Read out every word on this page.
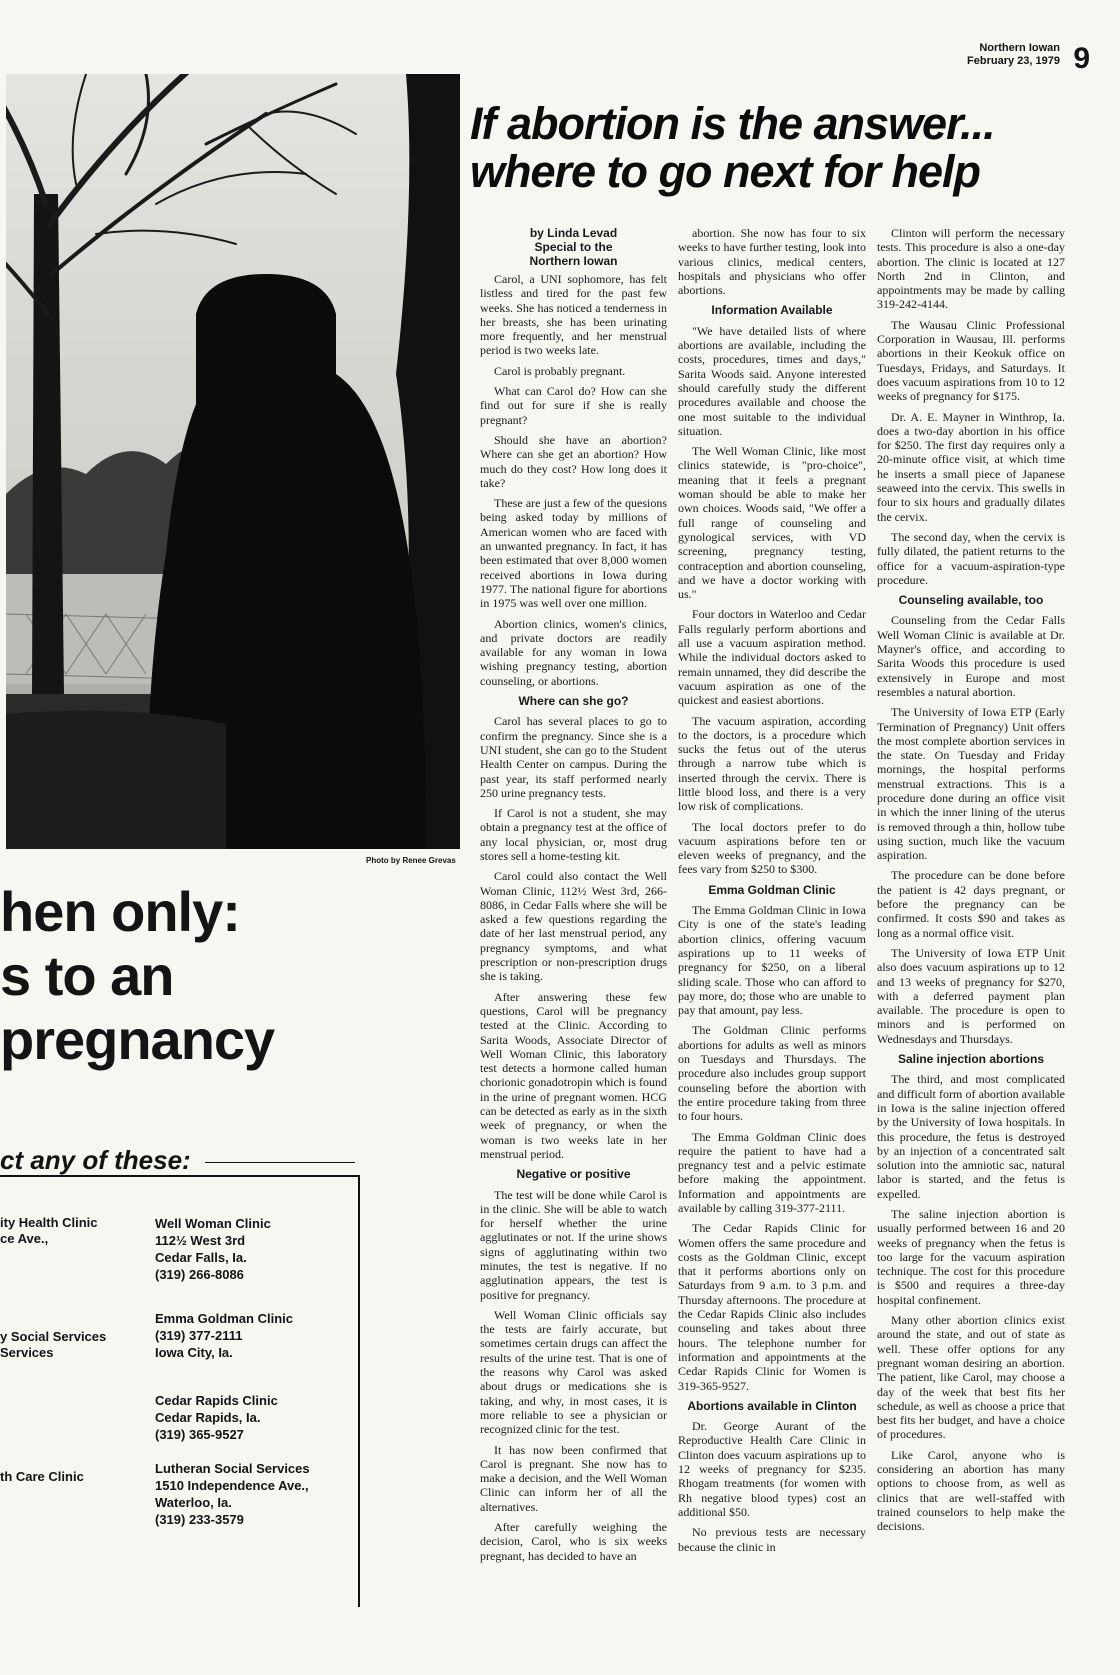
Northern Iowan
February 23, 1979 9
If abortion is the answer...
where to go next for help
Photo by Renee Grevas
hen only:
s to an
pregnancy
ct any of these:
ity Health Clinic
ce Ave.,
y Social Services
Services
th Care Clinic
Well Woman Clinic
112½ West 3rd
Cedar Falls, Ia.
(319) 266-8086
Emma Goldman Clinic
(319) 377-2111
Iowa City, Ia.
Cedar Rapids Clinic
Cedar Rapids, Ia.
(319) 365-9527
Lutheran Social Services
1510 Independence Ave.,
Waterloo, Ia.
(319) 233-3579
by Linda Levad
Special to the
Northern Iowan

Carol, a UNI sophomore, has felt listless and tired for the past few weeks. She has noticed a tenderness in her breasts, she has been urinating more frequently, and her menstrual period is two weeks late.

Carol is probably pregnant.

What can Carol do? How can she find out for sure if she is really pregnant?

Should she have an abortion? Where can she get an abortion? How much do they cost? How long does it take?

These are just a few of the quesions being asked today by millions of American women who are faced with an unwanted pregnancy. In fact, it has been estimated that over 8,000 women received abortions in Iowa during 1977. The national figure for abortions in 1975 was well over one million.

Abortion clinics, women's clinics, and private doctors are readily available for any woman in Iowa wishing pregnancy testing, abortion counseling, or abortions.

Where can she go?

Carol has several places to go to confirm the pregnancy. Since she is a UNI student, she can go to the Student Health Center on campus. During the past year, its staff performed nearly 250 urine pregnancy tests.

If Carol is not a student, she may obtain a pregnancy test at the office of any local physician, or, most drug stores sell a home-testing kit.

Carol could also contact the Well Woman Clinic, 112½ West 3rd, 266-8086, in Cedar Falls where she will be asked a few questions regarding the date of her last menstrual period, any pregnancy symptoms, and what prescription or non-prescription drugs she is taking.

After answering these few questions, Carol will be pregnancy tested at the Clinic. According to Sarita Woods, Associate Director of Well Woman Clinic, this laboratory test detects a hormone called human chorionic gonadotropin which is found in the urine of pregnant women. HCG can be detected as early as in the sixth week of pregnancy, or when the woman is two weeks late in her menstrual period.

Negative or positive

The test will be done while Carol is in the clinic. She will be able to watch for herself whether the urine agglutinates or not. If the urine shows signs of agglutinating within two minutes, the test is negative. If no agglutination appears, the test is positive for pregnancy.

Well Woman Clinic officials say the tests are fairly accurate, but sometimes certain drugs can affect the results of the urine test. That is one of the reasons why Carol was asked about drugs or medications she is taking, and why, in most cases, it is more reliable to see a physician or recognized clinic for the test.

It has now been confirmed that Carol is pregnant. She now has to make a decision, and the Well Woman Clinic can inform her of all the alternatives.

After carefully weighing the decision, Carol, who is six weeks pregnant, has decided to have an

abortion. She now has four to six weeks to have further testing, look into various clinics, medical centers, hospitals and physicians who offer abortions.

Information Available

"We have detailed lists of where abortions are available, including the costs, procedures, times and days," Sarita Woods said. Anyone interested should carefully study the different procedures available and choose the one most suitable to the individual situation.

The Well Woman Clinic, like most clinics statewide, is "pro-choice", meaning that it feels a pregnant woman should be able to make her own choices. Woods said, "We offer a full range of counseling and gynological services, with VD screening, pregnancy testing, contraception and abortion counseling, and we have a doctor working with us."

Four doctors in Waterloo and Cedar Falls regularly perform abortions and all use a vacuum aspiration method. While the individual doctors asked to remain unnamed, they did describe the vacuum aspiration as one of the quickest and easiest abortions.

The vacuum aspiration, according to the doctors, is a procedure which sucks the fetus out of the uterus through a narrow tube which is inserted through the cervix. There is little blood loss, and there is a very low risk of complications.

The local doctors prefer to do vacuum aspirations before ten or eleven weeks of pregnancy, and the fees vary from $250 to $300.

Emma Goldman Clinic

The Emma Goldman Clinic in Iowa City is one of the state's leading abortion clinics, offering vacuum aspirations up to 11 weeks of pregnancy for $250, on a liberal sliding scale. Those who can afford to pay more, do; those who are unable to pay that amount, pay less.

The Goldman Clinic performs abortions for adults as well as minors on Tuesdays and Thursdays. The procedure also includes group support counseling before the abortion with the entire procedure taking from three to four hours.

The Emma Goldman Clinic does require the patient to have had a pregnancy test and a pelvic estimate before making the appointment. Information and appointments are available by calling 319-377-2111.

The Cedar Rapids Clinic for Women offers the same procedure and costs as the Goldman Clinic, except that it performs abortions only on Saturdays from 9 a.m. to 3 p.m. and Thursday afternoons. The procedure at the Cedar Rapids Clinic also includes counseling and takes about three hours. The telephone number for information and appointments at the Cedar Rapids Clinic for Women is 319-365-9527.

Abortions available in Clinton

Dr. George Aurant of the Reproductive Health Care Clinic in Clinton does vacuum aspirations up to 12 weeks of pregnancy for $235. Rhogam treatments (for women with Rh negative blood types) cost an additional $50.

No previous tests are necessary because the clinic in

Clinton will perform the necessary tests. This procedure is also a one-day abortion. The clinic is located at 127 North 2nd in Clinton, and appointments may be made by calling 319-242-4144.

The Wausau Clinic Professional Corporation in Wausau, Ill. performs abortions in their Keokuk office on Tuesdays, Fridays, and Saturdays. It does vacuum aspirations from 10 to 12 weeks of pregnancy for $175.

Dr. A. E. Mayner in Winthrop, Ia. does a two-day abortion in his office for $250. The first day requires only a 20-minute office visit, at which time he inserts a small piece of Japanese seaweed into the cervix. This swells in four to six hours and gradually dilates the cervix.

The second day, when the cervix is fully dilated, the patient returns to the office for a vacuum-aspiration-type procedure.

Counseling available, too

Counseling from the Cedar Falls Well Woman Clinic is available at Dr. Mayner's office, and according to Sarita Woods this procedure is used extensively in Europe and most resembles a natural abortion.

The University of Iowa ETP (Early Termination of Pregnancy) Unit offers the most complete abortion services in the state. On Tuesday and Friday mornings, the hospital performs menstrual extractions. This is a procedure done during an office visit in which the inner lining of the uterus is removed through a thin, hollow tube using suction, much like the vacuum aspiration.

The procedure can be done before the patient is 42 days pregnant, or before the pregnancy can be confirmed. It costs $90 and takes as long as a normal office visit.

The University of Iowa ETP Unit also does vacuum aspirations up to 12 and 13 weeks of pregnancy for $270, with a deferred payment plan available. The procedure is open to minors and is performed on Wednesdays and Thursdays.

Saline injection abortions

The third, and most complicated and difficult form of abortion available in Iowa is the saline injection offered by the University of Iowa hospitals. In this procedure, the fetus is destroyed by an injection of a concentrated salt solution into the amniotic sac, natural labor is started, and the fetus is expelled.

The saline injection abortion is usually performed between 16 and 20 weeks of pregnancy when the fetus is too large for the vacuum aspiration technique. The cost for this procedure is $500 and requires a three-day hospital confinement.

Many other abortion clinics exist around the state, and out of state as well. These offer options for any pregnant woman desiring an abortion. The patient, like Carol, may choose a day of the week that best fits her schedule, as well as choose a price that best fits her budget, and have a choice of procedures.

Like Carol, anyone who is considering an abortion has many options to choose from, as well as clinics that are well-staffed with trained counselors to help make the decisions.
